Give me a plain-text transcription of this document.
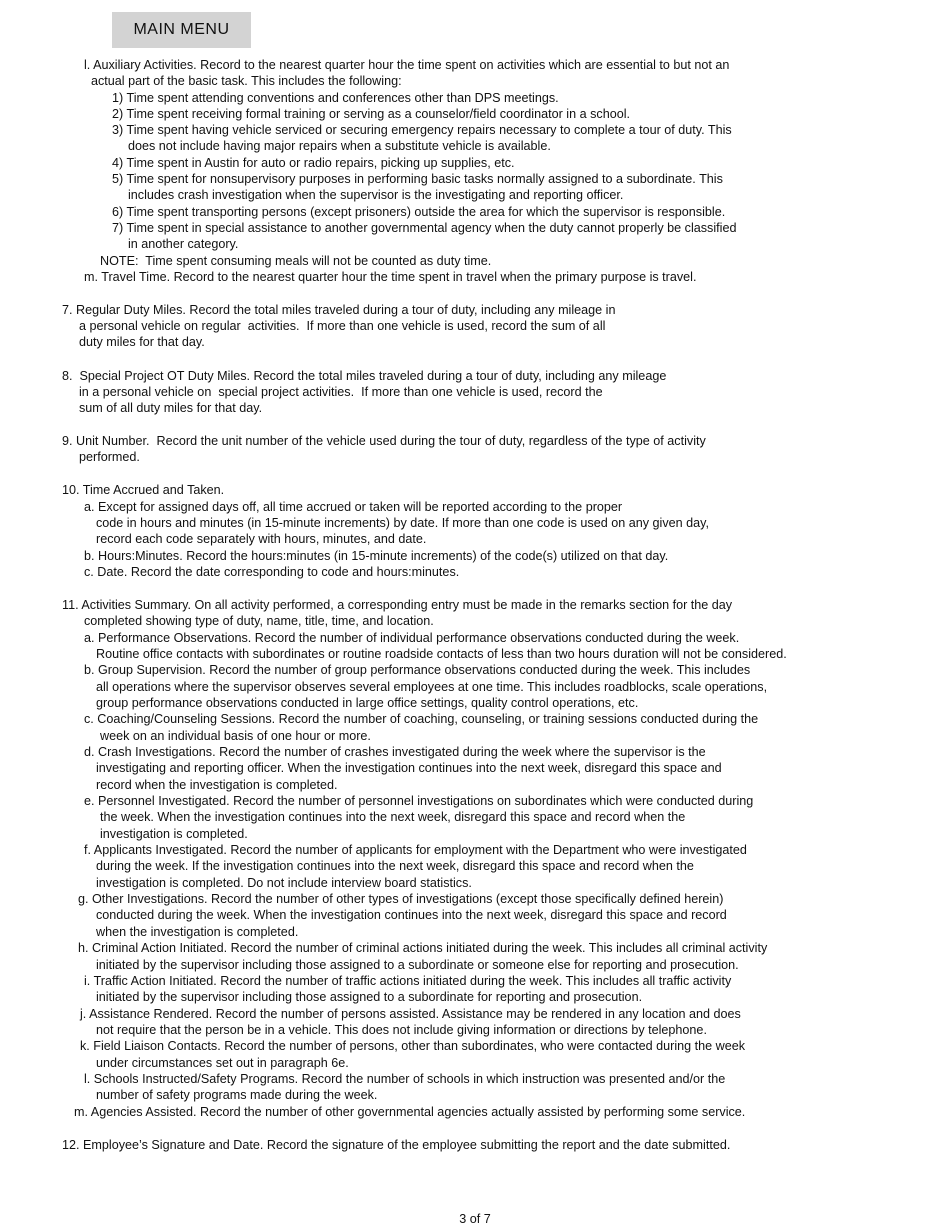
MAIN MENU
l. Auxiliary Activities. Record to the nearest quarter hour the time spent on activities which are essential to but not an
actual part of the basic task. This includes the following:
1) Time spent attending conventions and conferences other than DPS meetings.
2) Time spent receiving formal training or serving as a counselor/field coordinator in a school.
3) Time spent having vehicle serviced or securing emergency repairs necessary to complete a tour of duty. This
does not include having major repairs when a substitute vehicle is available.
4) Time spent in Austin for auto or radio repairs, picking up supplies, etc.
5) Time spent for nonsupervisory purposes in performing basic tasks normally assigned to a subordinate. This
includes crash investigation when the supervisor is the investigating and reporting officer.
6) Time spent transporting persons (except prisoners) outside the area for which the supervisor is responsible.
7) Time spent in special assistance to another governmental agency when the duty cannot properly be classified
in another category.
NOTE:  Time spent consuming meals will not be counted as duty time.
m. Travel Time. Record to the nearest quarter hour the time spent in travel when the primary purpose is travel.
7. Regular Duty Miles. Record the total miles traveled during a tour of duty, including any mileage in
a personal vehicle on regular  activities.  If more than one vehicle is used, record the sum of all
duty miles for that day.
8.  Special Project OT Duty Miles. Record the total miles traveled during a tour of duty, including any mileage
in a personal vehicle on  special project activities.  If more than one vehicle is used, record the
sum of all duty miles for that day.
9. Unit Number.  Record the unit number of the vehicle used during the tour of duty, regardless of the type of activity
performed.
10. Time Accrued and Taken.
a. Except for assigned days off, all time accrued or taken will be reported according to the proper
code in hours and minutes (in 15-minute increments) by date. If more than one code is used on any given day,
record each code separately with hours, minutes, and date.
b. Hours:Minutes. Record the hours:minutes (in 15-minute increments) of the code(s) utilized on that day.
c. Date. Record the date corresponding to code and hours:minutes.
11. Activities Summary. On all activity performed, a corresponding entry must be made in the remarks section for the day
completed showing type of duty, name, title, time, and location.
a. Performance Observations. Record the number of individual performance observations conducted during the week.
Routine office contacts with subordinates or routine roadside contacts of less than two hours duration will not be considered.
b. Group Supervision. Record the number of group performance observations conducted during the week. This includes
all operations where the supervisor observes several employees at one time. This includes roadblocks, scale operations,
group performance observations conducted in large office settings, quality control operations, etc.
c. Coaching/Counseling Sessions. Record the number of coaching, counseling, or training sessions conducted during the
week on an individual basis of one hour or more.
d. Crash Investigations. Record the number of crashes investigated during the week where the supervisor is the
investigating and reporting officer. When the investigation continues into the next week, disregard this space and
record when the investigation is completed.
e. Personnel Investigated. Record the number of personnel investigations on subordinates which were conducted during
the week. When the investigation continues into the next week, disregard this space and record when the
investigation is completed.
f. Applicants Investigated. Record the number of applicants for employment with the Department who were investigated
during the week. If the investigation continues into the next week, disregard this space and record when the
investigation is completed. Do not include interview board statistics.
g. Other Investigations. Record the number of other types of investigations (except those specifically defined herein)
conducted during the week. When the investigation continues into the next week, disregard this space and record
when the investigation is completed.
h. Criminal Action Initiated. Record the number of criminal actions initiated during the week. This includes all criminal activity
initiated by the supervisor including those assigned to a subordinate or someone else for reporting and prosecution.
i. Traffic Action Initiated. Record the number of traffic actions initiated during the week. This includes all traffic activity
initiated by the supervisor including those assigned to a subordinate for reporting and prosecution.
j. Assistance Rendered. Record the number of persons assisted. Assistance may be rendered in any location and does
not require that the person be in a vehicle. This does not include giving information or directions by telephone.
k. Field Liaison Contacts. Record the number of persons, other than subordinates, who were contacted during the week
under circumstances set out in paragraph 6e.
l. Schools Instructed/Safety Programs. Record the number of schools in which instruction was presented and/or the
number of safety programs made during the week.
m. Agencies Assisted. Record the number of other governmental agencies actually assisted by performing some service.
12. Employee’s Signature and Date. Record the signature of the employee submitting the report and the date submitted.
3 of 7
